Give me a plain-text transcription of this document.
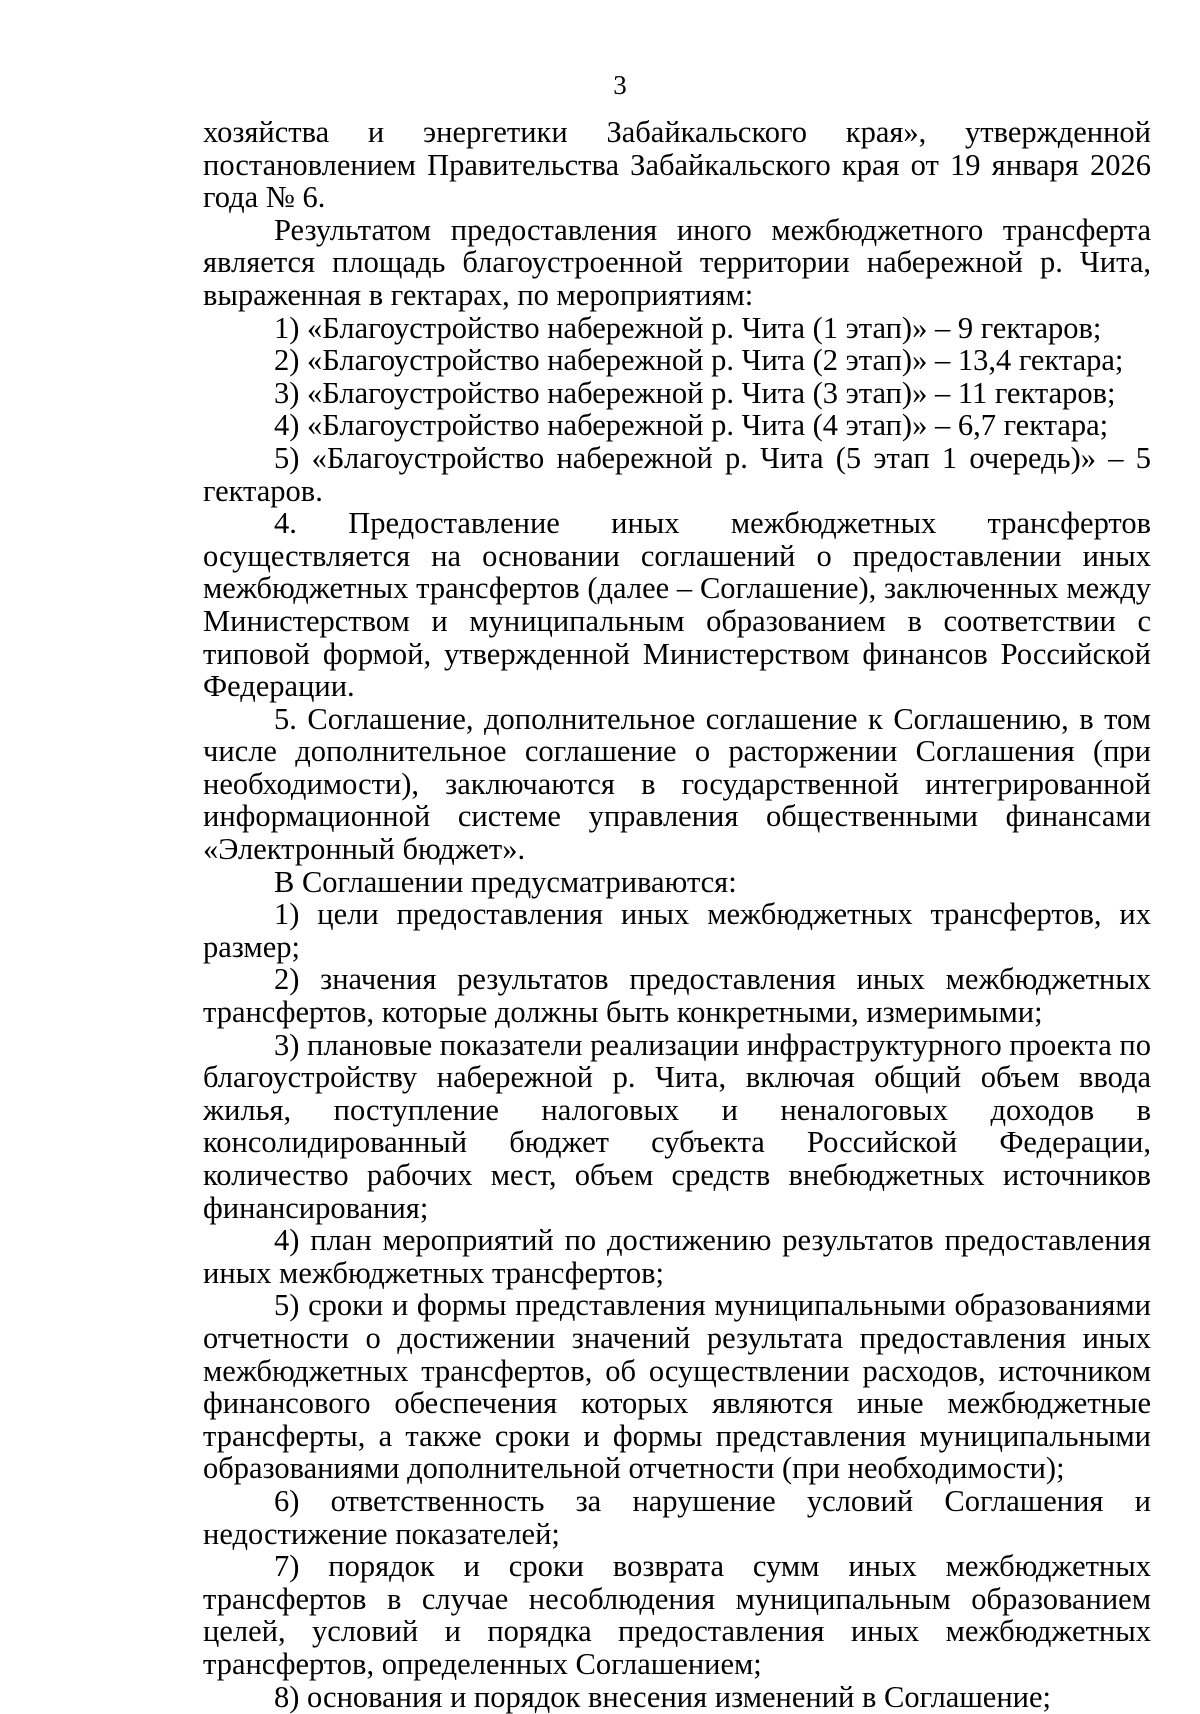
3

хозяйства и энергетики Забайкальского края», утвержденной постановлением Правительства Забайкальского края от 19 января 2026 года № 6.

Результатом предоставления иного межбюджетного трансферта является площадь благоустроенной территории набережной р. Чита, выраженная в гектарах, по мероприятиям:

1) «Благоустройство набережной р. Чита (1 этап)» – 9 гектаров;

2) «Благоустройство набережной р. Чита (2 этап)» – 13,4 гектара;

3) «Благоустройство набережной р. Чита (3 этап)» – 11 гектаров;

4) «Благоустройство набережной р. Чита (4 этап)» – 6,7 гектара;

5) «Благоустройство набережной р. Чита (5 этап 1 очередь)» – 5 гектаров.

4. Предоставление иных межбюджетных трансфертов осуществляется на основании соглашений о предоставлении иных межбюджетных трансфертов (далее – Соглашение), заключенных между Министерством и муниципальным образованием в соответствии с типовой формой, утвержденной Министерством финансов Российской Федерации.

5. Соглашение, дополнительное соглашение к Соглашению, в том числе дополнительное соглашение о расторжении Соглашения (при необходимости), заключаются в государственной интегрированной информационной системе управления общественными финансами «Электронный бюджет».

В Соглашении предусматриваются:

1) цели предоставления иных межбюджетных трансфертов, их размер;

2) значения результатов предоставления иных межбюджетных трансфертов, которые должны быть конкретными, измеримыми;

3) плановые показатели реализации инфраструктурного проекта по благоустройству набережной р. Чита, включая общий объем ввода жилья, поступление налоговых и неналоговых доходов в консолидированный бюджет субъекта Российской Федерации, количество рабочих мест, объем средств внебюджетных источников финансирования;

4) план мероприятий по достижению результатов предоставления иных межбюджетных трансфертов;

5) сроки и формы представления муниципальными образованиями отчетности о достижении значений результата предоставления иных межбюджетных трансфертов, об осуществлении расходов, источником финансового обеспечения которых являются иные межбюджетные трансферты, а также сроки и формы представления муниципальными образованиями дополнительной отчетности (при необходимости);

6) ответственность за нарушение условий Соглашения и недостижение показателей;

7) порядок и сроки возврата сумм иных межбюджетных трансфертов в случае несоблюдения муниципальным образованием целей, условий и порядка предоставления иных межбюджетных трансфертов, определенных Соглашением;

8) основания и порядок внесения изменений в Соглашение;
